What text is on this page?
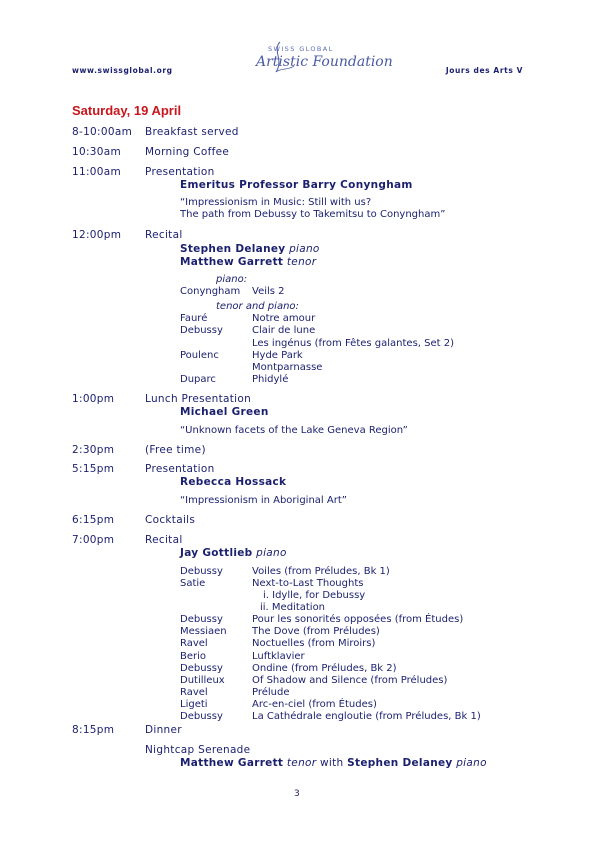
www.swissglobal.org	Jours des Arts V
SWISS GLOBAL
Artistic Foundation
Saturday, 19 April
8-10:00am Breakfast served
10:30am Morning Coffee
11:00am Presentation
Emeritus Professor Barry Conyngham
“Impressionism in Music: Still with us?
The path from Debussy to Takemitsu to Conyngham”
12:00pm Recital
Stephen Delaney piano
Matthew Garrett tenor
piano:
Conyngham Veils 2
tenor and piano:
Fauré	Notre amour
Debussy	Clair de lune
Les ingénus (from Fêtes galantes, Set 2)
Poulenc	Hyde Park
Montparnasse
Duparc	Phidylé
1:00pm	Lunch Presentation
Michael Green
“Unknown facets of the Lake Geneva Region”
2:30pm	(Free time)
5:15pm	Presentation
Rebecca Hossack
“Impressionism in Aboriginal Art”
6:15pm	Cocktails
7:00pm	Recital
Jay Gottlieb piano
Debussy	Voiles (from Préludes, Bk 1)
Satie	Next-to-Last Thoughts
i. Idylle, for Debussy
ii. Meditation
Debussy	Pour les sonorités opposées (from Études)
Messiaen	The Dove (from Préludes)
Ravel	Noctuelles (from Miroirs)
Berio	Luftklavier
Debussy	Ondine (from Préludes, Bk 2)
Dutilleux	Of Shadow and Silence (from Préludes)
Ravel	Prélude
Ligeti	Arc-en-ciel (from Études)
Debussy	La Cathédrale engloutie (from Préludes, Bk 1)
8:15pm	Dinner
Nightcap Serenade
Matthew Garrett tenor with Stephen Delaney piano
3
